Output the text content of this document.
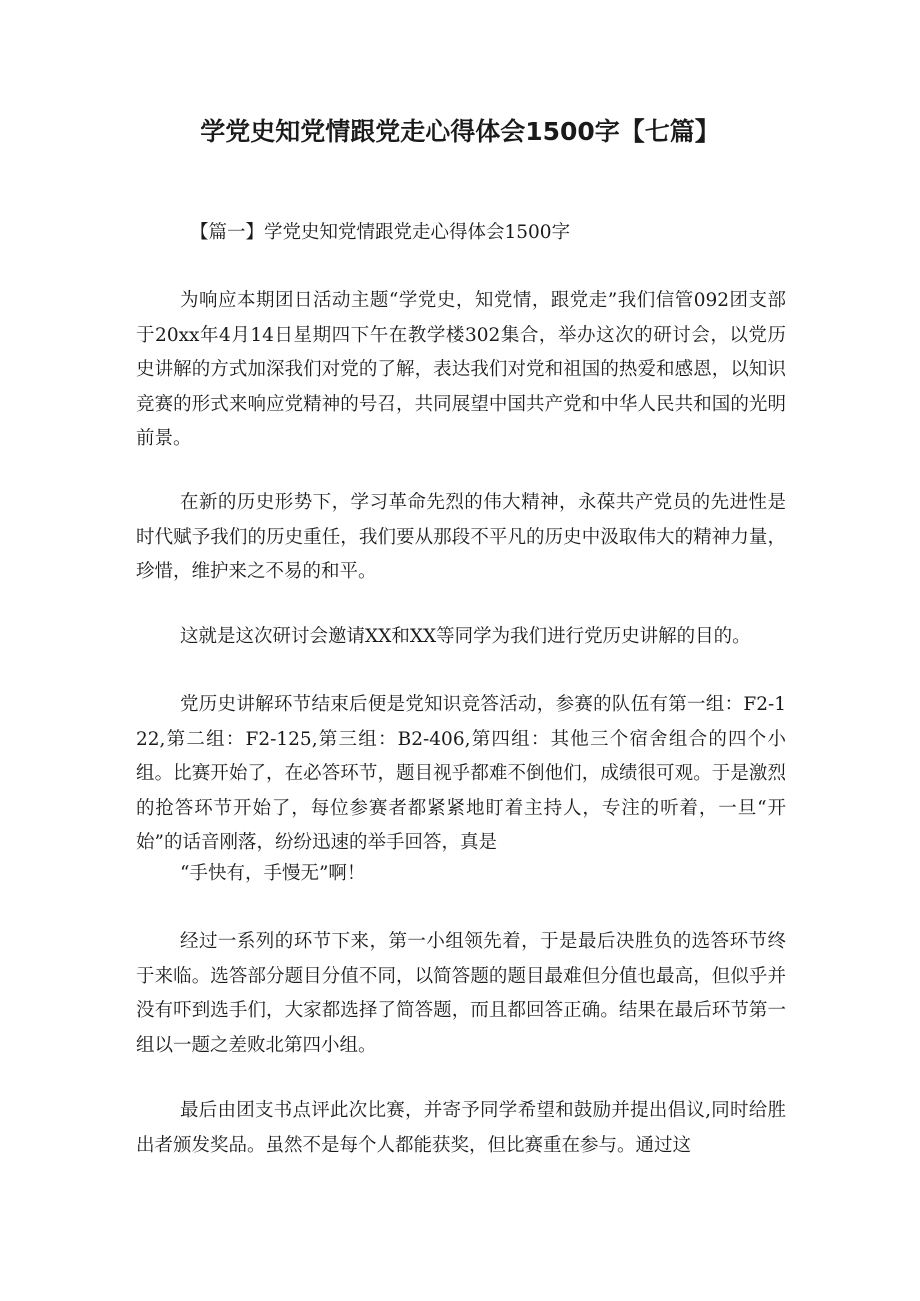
学党史知党情跟党走心得体会1500字【七篇】

【篇一】学党史知党情跟党走心得体会1500字

为响应本期团日活动主题“学党史，知党情，跟党走”我们信管092团支部于20xx年4月14日星期四下午在教学楼302集合，举办这次的研讨会，以党历史讲解的方式加深我们对党的了解，表达我们对党和祖国的热爱和感恩，以知识竞赛的形式来响应党精神的号召，共同展望中国共产党和中华人民共和国的光明前景。

在新的历史形势下，学习革命先烈的伟大精神，永葆共产党员的先进性是时代赋予我们的历史重任，我们要从那段不平凡的历史中汲取伟大的精神力量，珍惜，维护来之不易的和平。

这就是这次研讨会邀请XX和XX等同学为我们进行党历史讲解的目的。

党历史讲解环节结束后便是党知识竞答活动，参赛的队伍有第一组：F2-122,第二组：F2-125,第三组：B2-406,第四组：其他三个宿舍组合的四个小组。比赛开始了，在必答环节，题目视乎都难不倒他们，成绩很可观。于是激烈的抢答环节开始了，每位参赛者都紧紧地盯着主持人，专注的听着，一旦“开始”的话音刚落，纷纷迅速的举手回答，真是

“手快有，手慢无”啊！

经过一系列的环节下来，第一小组领先着，于是最后决胜负的选答环节终于来临。选答部分题目分值不同，以简答题的题目最难但分值也最高，但似乎并没有吓到选手们，大家都选择了简答题，而且都回答正确。结果在最后环节第一组以一题之差败北第四小组。

最后由团支书点评此次比赛，并寄予同学希望和鼓励并提出倡议,同时给胜出者颁发奖品。虽然不是每个人都能获奖，但比赛重在参与。通过这
